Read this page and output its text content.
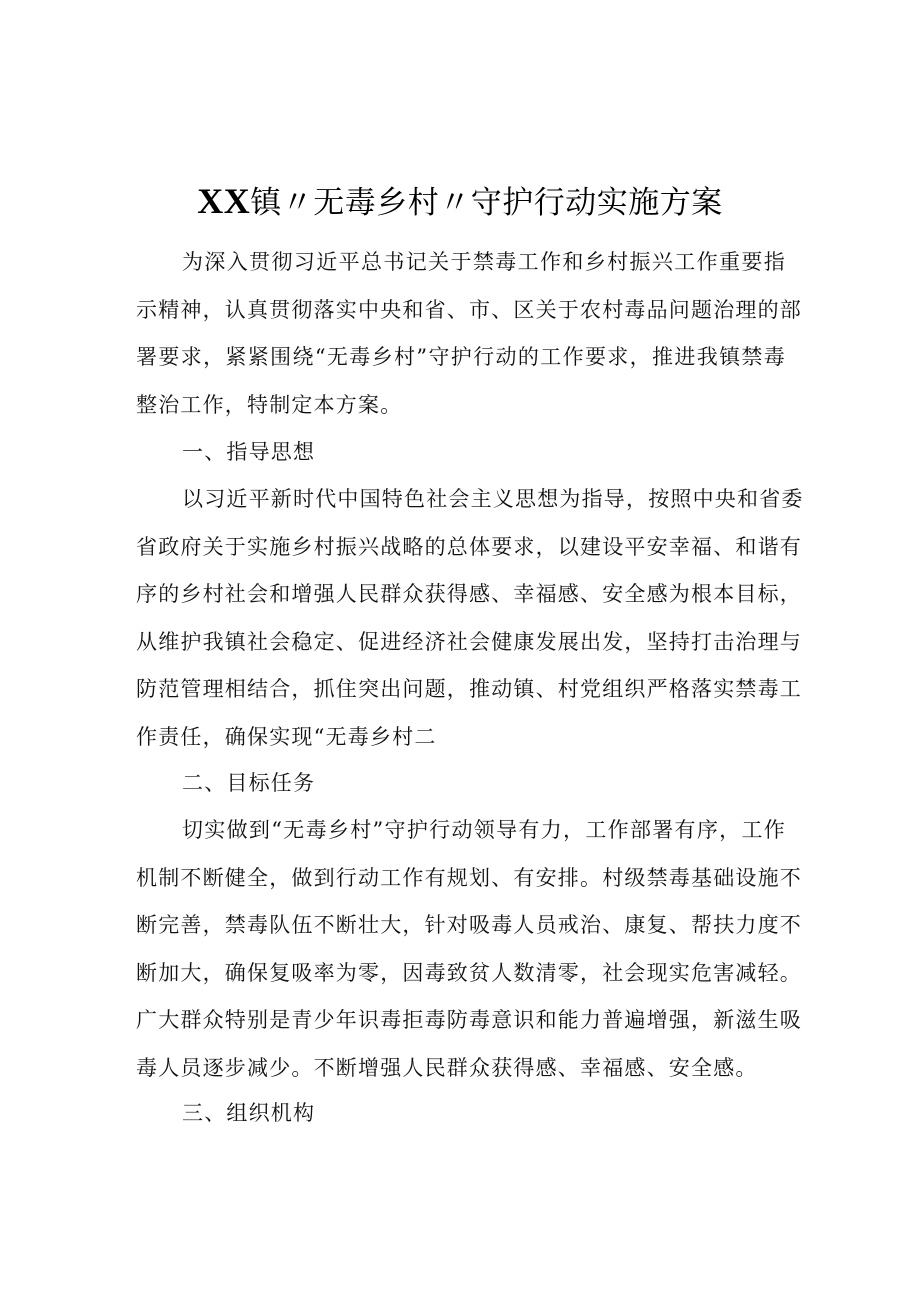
XX镇〃无毒乡村〃守护行动实施方案
为深入贯彻习近平总书记关于禁毒工作和乡村振兴工作重要指
示精神，认真贯彻落实中央和省、市、区关于农村毒品问题治理的部
署要求，紧紧围绕“无毒乡村”守护行动的工作要求，推进我镇禁毒
整治工作，特制定本方案。
一、指导思想
以习近平新时代中国特色社会主义思想为指导，按照中央和省委
省政府关于实施乡村振兴战略的总体要求，以建设平安幸福、和谐有
序的乡村社会和增强人民群众获得感、幸福感、安全感为根本目标，
从维护我镇社会稳定、促进经济社会健康发展出发，坚持打击治理与
防范管理相结合，抓住突出问题，推动镇、村党组织严格落实禁毒工
作责任，确保实现“无毒乡村二
二、目标任务
切实做到“无毒乡村”守护行动领导有力，工作部署有序，工作
机制不断健全，做到行动工作有规划、有安排。村级禁毒基础设施不
断完善，禁毒队伍不断壮大，针对吸毒人员戒治、康复、帮扶力度不
断加大，确保复吸率为零，因毒致贫人数清零，社会现实危害减轻。
广大群众特别是青少年识毒拒毒防毒意识和能力普遍增强，新滋生吸
毒人员逐步减少。不断增强人民群众获得感、幸福感、安全感。
三、组织机构
